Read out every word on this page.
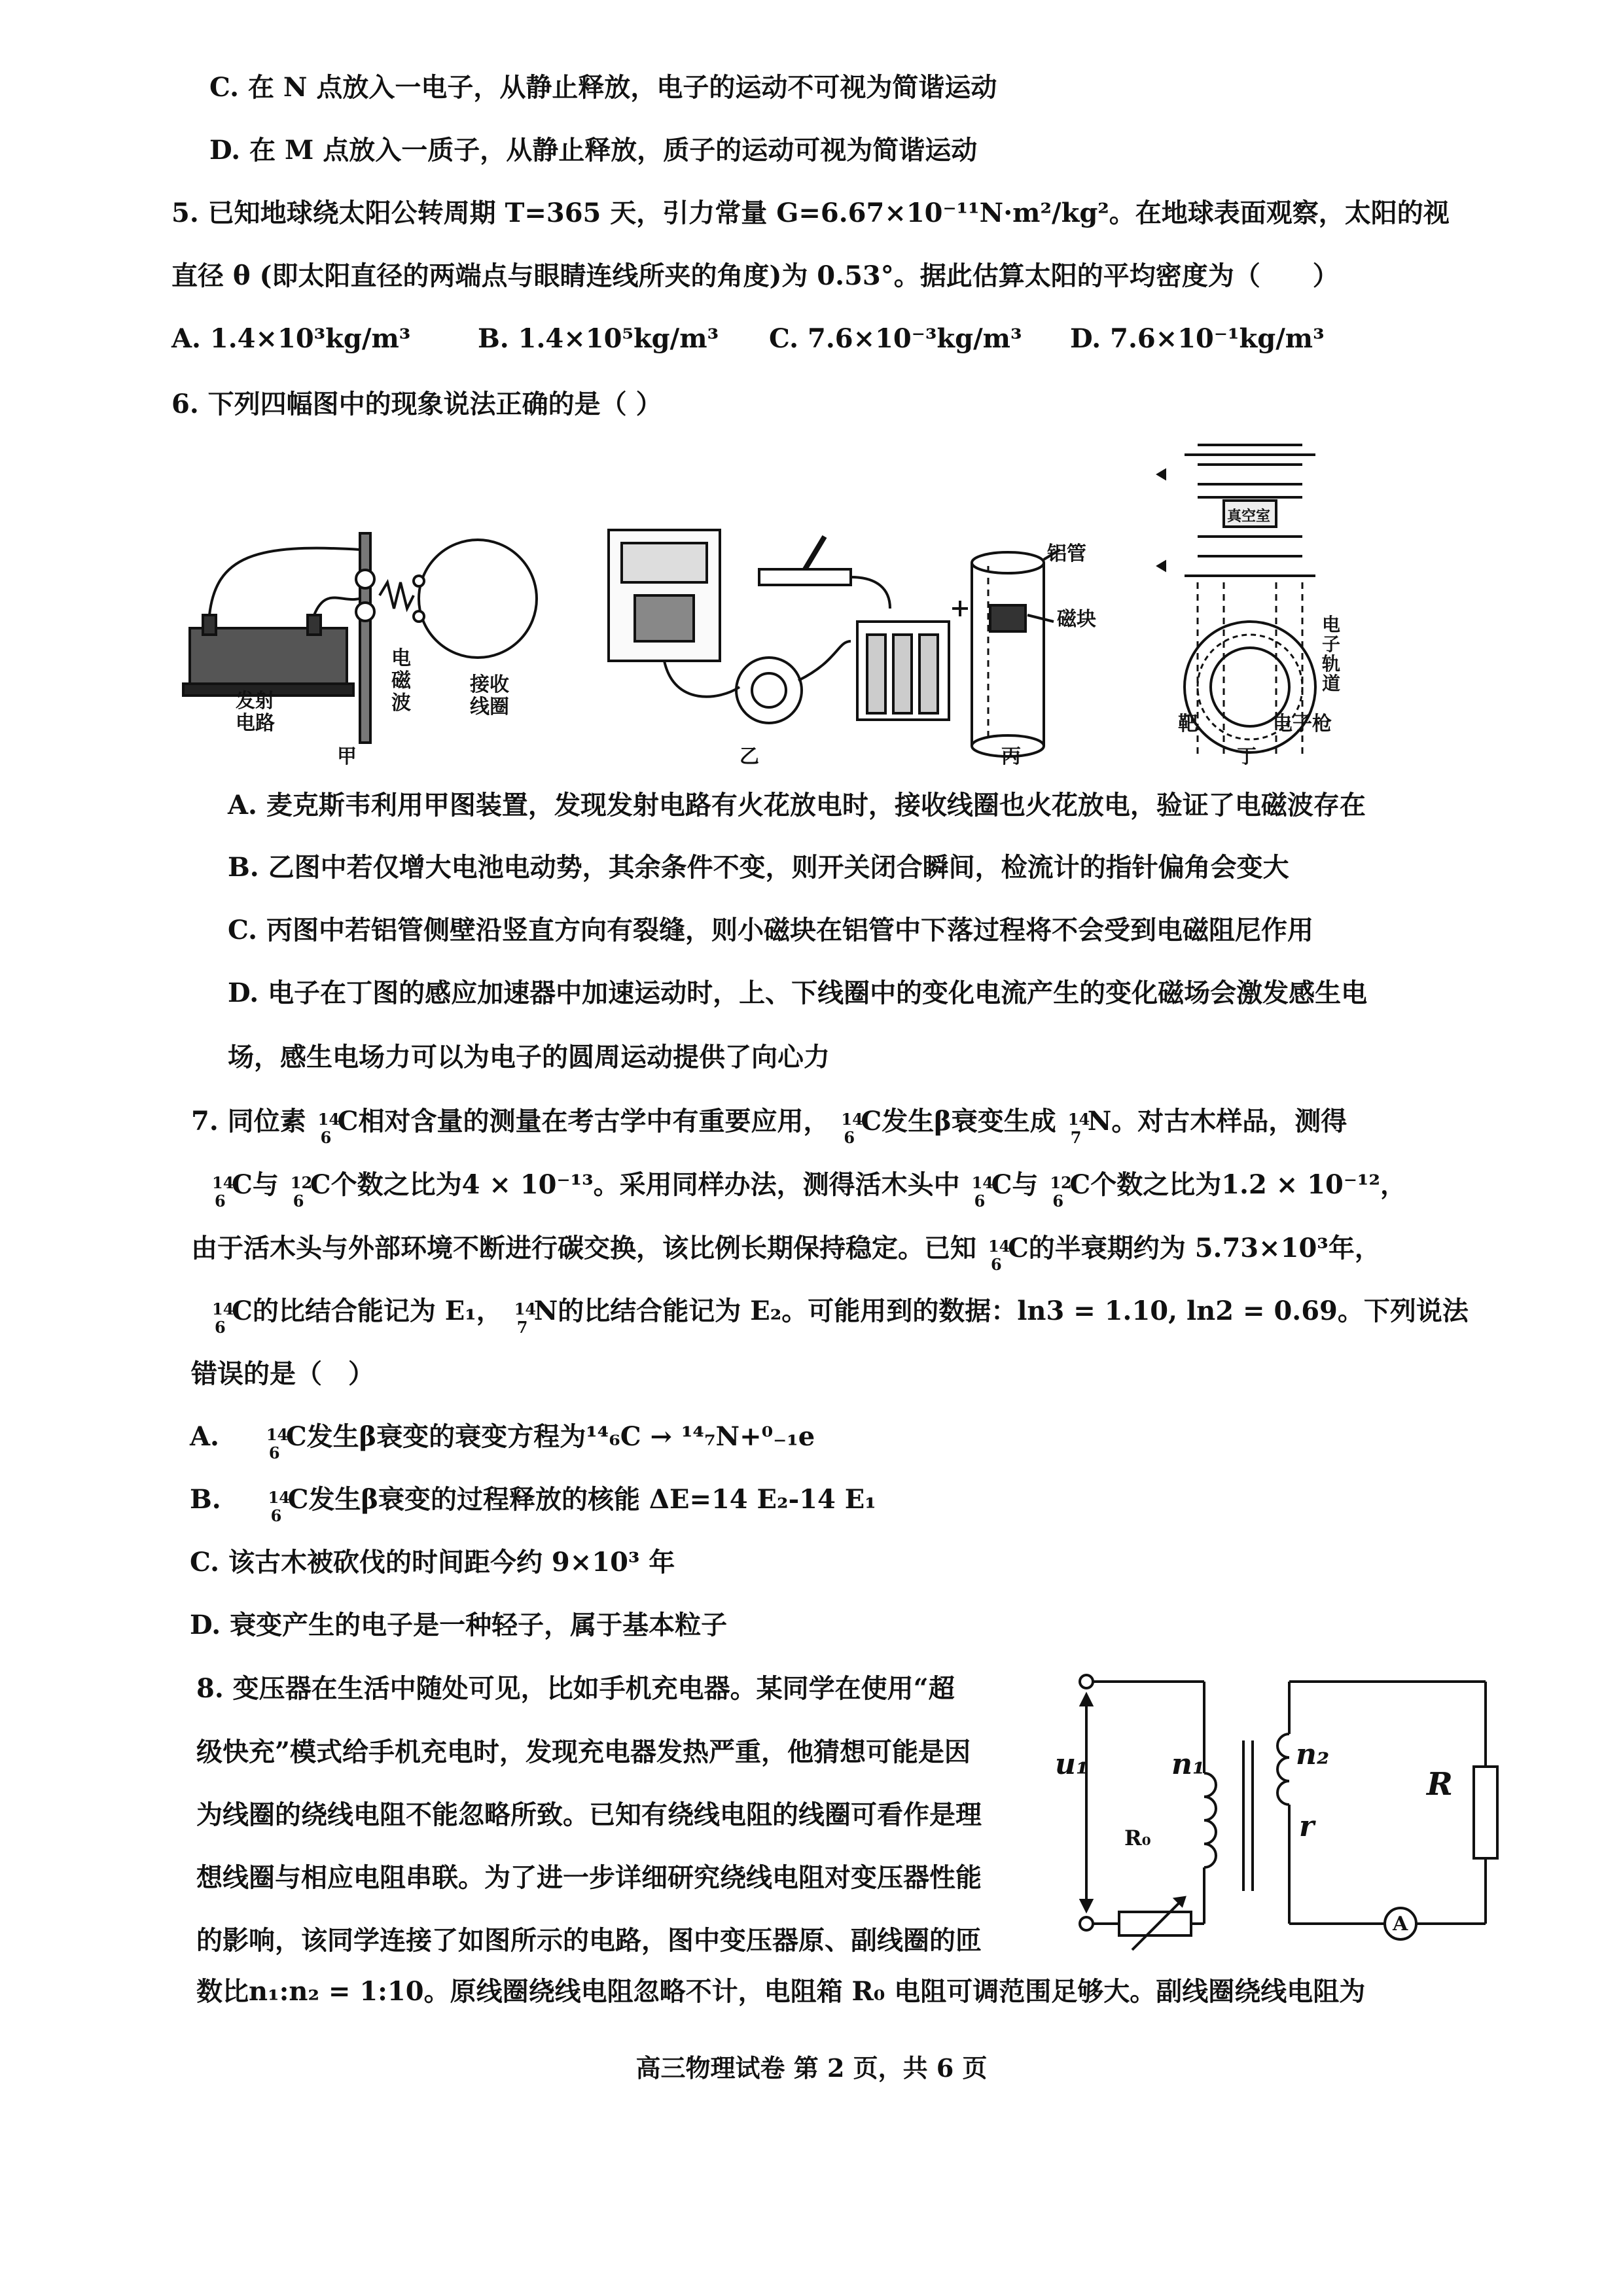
C. 在 N 点放入一电子，从静止释放，电子的运动不可视为简谐运动
D. 在 M 点放入一质子，从静止释放，质子的运动可视为简谐运动
5. 已知地球绕太阳公转周期 T=365 天，引力常量 G=6.67×10⁻¹¹N·m²/kg²。在地球表面观察，太阳的视
直径 θ (即太阳直径的两端点与眼睛连线所夹的角度)为 0.53°。据此估算太阳的平均密度为（　　）
A. 1.4×10³kg/m³	B. 1.4×10⁵kg/m³ C. 7.6×10⁻³kg/m³ D. 7.6×10⁻¹kg/m³
6. 下列四幅图中的现象说法正确的是（ ）
发射
电路
电
磁
波
接收
线圈
甲	乙
铝管
磁块
丙
真空室
电
子
轨
道
靶	电子枪
丁
A. 麦克斯韦利用甲图装置，发现发射电路有火花放电时，接收线圈也火花放电，验证了电磁波存在
B. 乙图中若仅增大电池电动势，其余条件不变，则开关闭合瞬间，检流计的指针偏角会变大
C. 丙图中若铝管侧壁沿竖直方向有裂缝，则小磁块在铝管中下落过程将不会受到电磁阻尼作用
D. 电子在丁图的感应加速器中加速运动时，上、下线圈中的变化电流产生的变化磁场会激发感生电
场，感生电场力可以为电子的圆周运动提供了向心力
7. 同位素 14
6
C相对含量的测量在考古学中有重要应用， 14
6
C发生β衰变生成 14
7
N。对古木样品，测得
14
6
C与 12
6
C个数之比为4 × 10⁻¹³。采用同样办法，测得活木头中 14
6
C与 12
6
C个数之比为1.2 × 10⁻¹²，
由于活木头与外部环境不断进行碳交换，该比例长期保持稳定。已知 14
6
C的半衰期约为 5.73×10³年，
14
6
C的比结合能记为 E₁， 14
7
N的比结合能记为 E₂。可能用到的数据：ln3 = 1.10, ln2 = 0.69。下列说法
错误的是（　）
A.	14
6
C发生β衰变的衰变方程为¹⁴₆C → ¹⁴₇N+⁰₋₁e
B.	14
6
C发生β衰变的过程释放的核能 ΔE=14 E₂-14 E₁
C. 该古木被砍伐的时间距今约 9×10³ 年
D. 衰变产生的电子是一种轻子，属于基本粒子
8. 变压器在生活中随处可见，比如手机充电器。某同学在使用“超
级快充”模式给手机充电时，发现充电器发热严重，他猜想可能是因
为线圈的绕线电阻不能忽略所致。已知有绕线电阻的线圈可看作是理
想线圈与相应电阻串联。为了进一步详细研究绕线电阻对变压器性能
的影响，该同学连接了如图所示的电路，图中变压器原、副线圈的匝
数比n₁:n₂ = 1:10。原线圈绕线电阻忽略不计，电阻箱 R₀ 电阻可调范围足够大。副线圈绕线电阻为
u₁	n₁	n₂
r
R
R₀
A
高三物理试卷 第 2 页，共 6 页
